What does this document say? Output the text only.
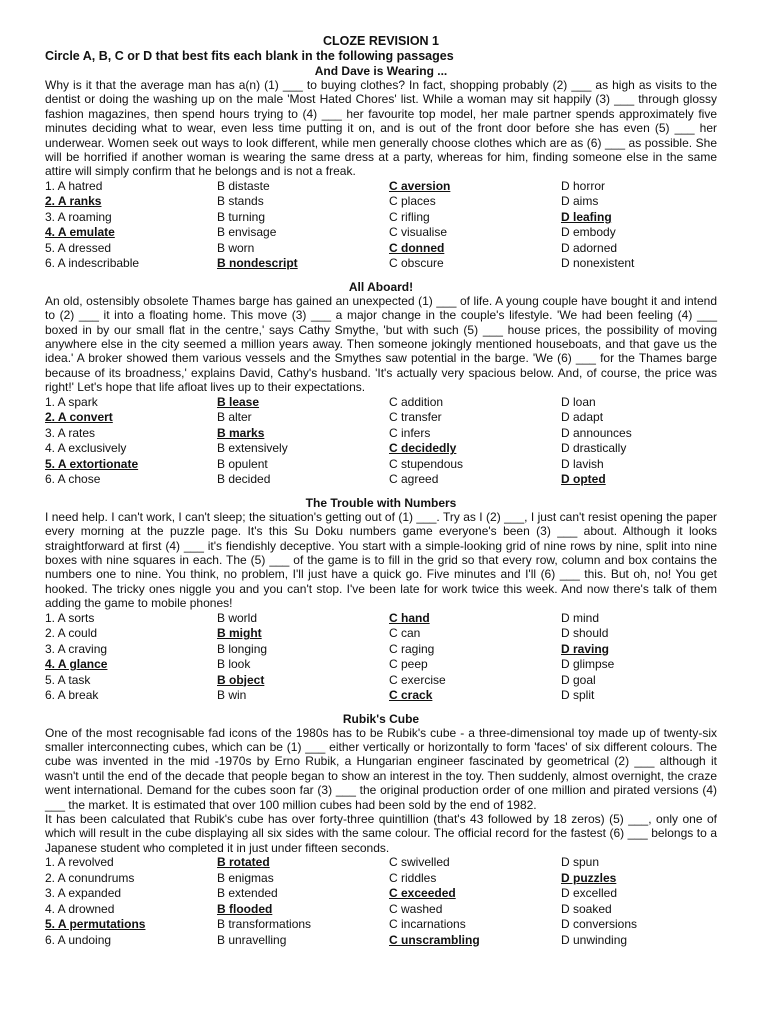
CLOZE REVISION 1
Circle A, B, C or D that best fits each blank in the following passages
And Dave is Wearing ...

Why is it that the average man has a(n) (1) ___ to buying clothes? In fact, shopping probably (2) ___ as high as visits to the dentist or doing the washing up on the male 'Most Hated Chores' list. While a woman may sit happily (3) ___ through glossy fashion magazines, then spend hours trying to (4) ___ her favourite top model, her male partner spends approximately five minutes deciding what to wear, even less time putting it on, and is out of the front door before she has even (5) ___ her underwear. Women seek out ways to look different, while men generally choose clothes which are as (6) ___ as possible. She will be horrified if another woman is wearing the same dress at a party, whereas for him, finding someone else in the same attire will simply confirm that he belongs and is not a freak.

1. A hatred	B distaste	C aversion	D horror
2. A ranks	B stands	C places	D aims
3. A roaming	B turning	C rifling	D leafing
4. A emulate	B envisage	C visualise	D embody
5. A dressed	B worn	C donned	D adorned
6. A indescribable	B nondescript	C obscure	D nonexistent
All Aboard!

An old, ostensibly obsolete Thames barge has gained an unexpected (1) ___ of life. A young couple have bought it and intend to (2) ___ it into a floating home. This move (3) ___ a major change in the couple's lifestyle. 'We had been feeling (4) ___ boxed in by our small flat in the centre,' says Cathy Smythe, 'but with such (5) ___ house prices, the possibility of moving anywhere else in the city seemed a million years away. Then someone jokingly mentioned houseboats, and that gave us the idea.' A broker showed them various vessels and the Smythes saw potential in the barge. 'We (6) ___ for the Thames barge because of its broadness,' explains David, Cathy's husband. 'It's actually very spacious below. And, of course, the price was right!' Let's hope that life afloat lives up to their expectations.

1. A spark	B lease	C addition	D loan
2. A convert	B alter	C transfer	D adapt
3. A rates	B marks	C infers	D announces
4. A exclusively	B extensively	C decidedly	D drastically
5. A extortionate	B opulent	C stupendous	D lavish
6. A chose	B decided	C agreed	D opted
The Trouble with Numbers

I need help. I can't work, I can't sleep; the situation's getting out of (1) ___. Try as I (2) ___, I just can't resist opening the paper every morning at the puzzle page. It's this Su Doku numbers game everyone's been (3) ___ about. Although it looks straightforward at first (4) ___ it's fiendishly deceptive. You start with a simple-looking grid of nine rows by nine, split into nine boxes with nine squares in each. The (5) ___ of the game is to fill in the grid so that every row, column and box contains the numbers one to nine. You think, no problem, I'll just have a quick go. Five minutes and I'll (6) ___ this. But oh, no! You get hooked. The tricky ones niggle you and you can't stop. I've been late for work twice this week. And now there's talk of them adding the game to mobile phones!

1. A sorts	B world	C hand	D mind
2. A could	B might	C can	D should
3. A craving	B longing	C raging	D raving
4. A glance	B look	C peep	D glimpse
5. A task	B object	C exercise	D goal
6. A break	B win	C crack	D split
Rubik's Cube

One of the most recognisable fad icons of the 1980s has to be Rubik's cube - a three-dimensional toy made up of twenty-six smaller interconnecting cubes, which can be (1) ___ either vertically or horizontally to form 'faces' of six different colours. The cube was invented in the mid -1970s by Erno Rubik, a Hungarian engineer fascinated by geometrical (2) ___ although it wasn't until the end of the decade that people began to show an interest in the toy. Then suddenly, almost overnight, the craze went international. Demand for the cubes soon far (3) ___ the original production order of one million and pirated versions (4) ___ the market. It is estimated that over 100 million cubes had been sold by the end of 1982.

It has been calculated that Rubik's cube has over forty-three quintillion (that's 43 followed by 18 zeros) (5) ___, only one of which will result in the cube displaying all six sides with the same colour. The official record for the fastest (6) ___ belongs to a Japanese student who completed it in just under fifteen seconds.

1. A revolved	B rotated	C swivelled	D spun
2. A conundrums	B enigmas	C riddles	D puzzles
3. A expanded	B extended	C exceeded	D excelled
4. A drowned	B flooded	C washed	D soaked
5. A permutations	B transformations	C incarnations	D conversions
6. A undoing	B unravelling	C unscrambling	D unwinding
